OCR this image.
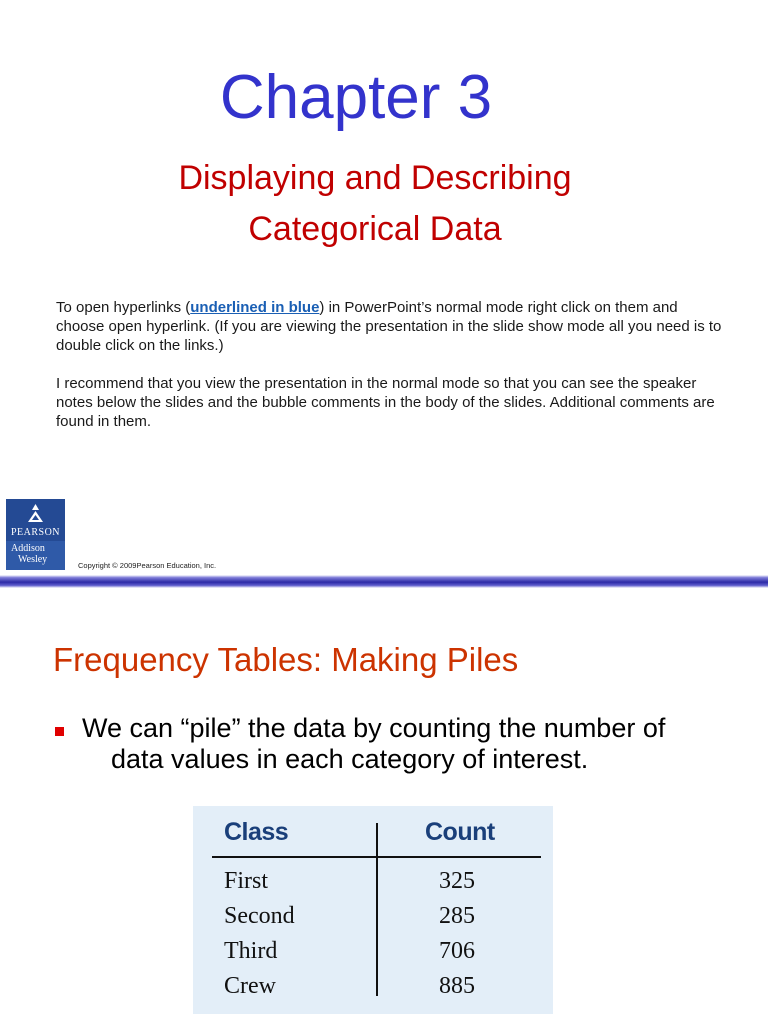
Chapter 3
Displaying and Describing
Categorical Data
To open hyperlinks (underlined in blue) in PowerPoint’s normal mode right click on them and choose open hyperlink. (If you are viewing the presentation in the slide show mode all you need is to double click on the links.)
I recommend that you view the presentation in the normal mode so that you can see the speaker notes below the slides and the bubble comments in the body of the slides. Additional comments are found in them.
PEARSON
Addison
Wesley
Copyright © 2009Pearson Education, Inc.
Frequency Tables: Making Piles
We can “pile” the data by counting the number of
data values in each category of interest.
Class	Count
First	325
Second	285
Third	706
Crew	885
